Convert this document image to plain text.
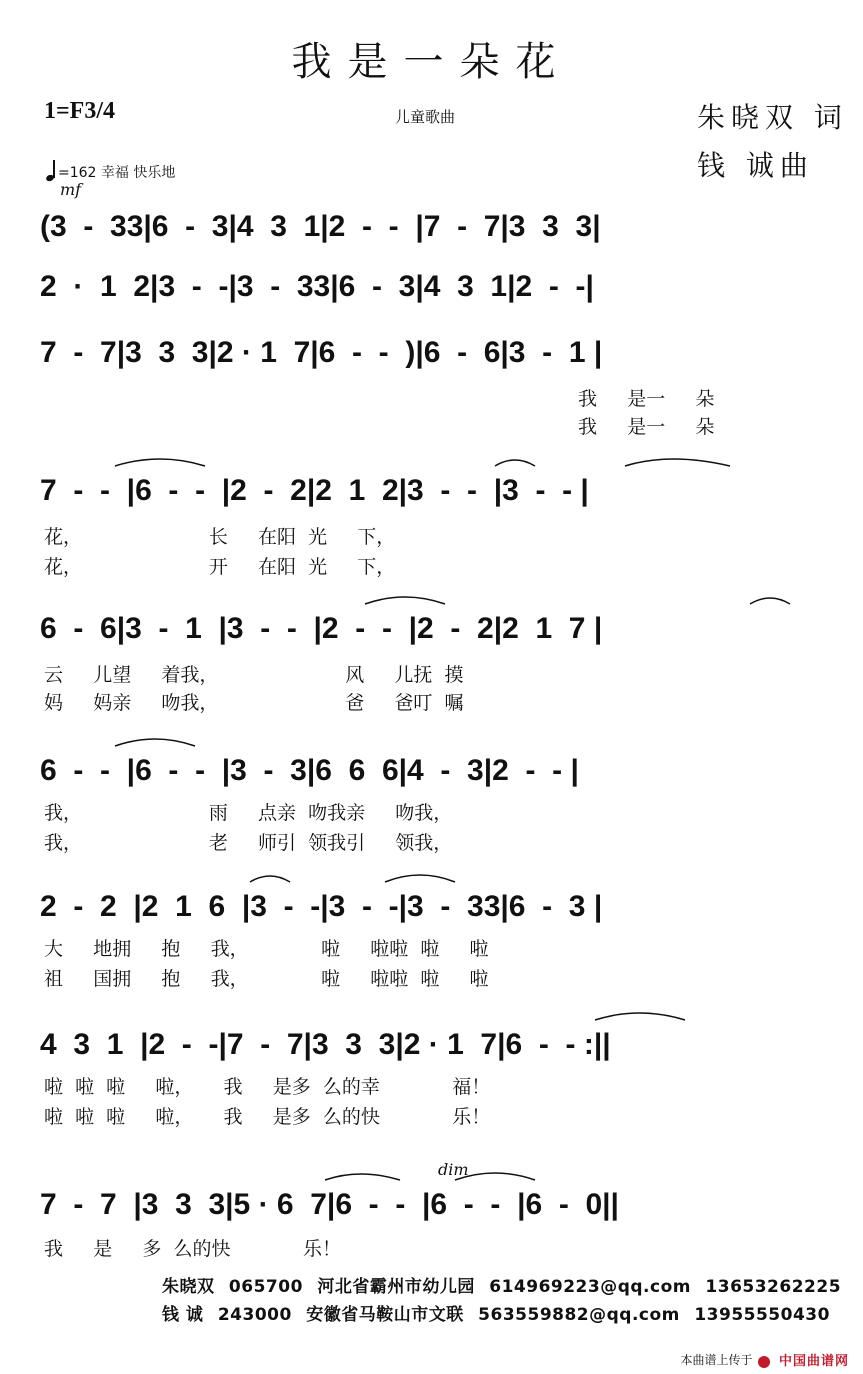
我是一朵花
1=F3/4	儿童歌曲	朱晓双 词
钱 诚曲
=162 幸福 快乐地
mf
(3  -  33|6  -  3|4  3  1|2  -  -  |7  -  7|3  3  3|
2  ·  1  2|3  -  -|3  -  33|6  -  3|4  3  1|2  -  -|
7  -  7|3  3  3|2 · 1  7|6  -  -  )|6  -  6|3  -  1 |
我     是一     朵
我     是一     朵
7  -  -  |6  -  -  |2  -  2|2  1  2|3  -  -  |3  -  - |
花，                     长     在阳  光     下，
花，                     开     在阳  光     下，
6  -  6|3  -  1  |3  -  -  |2  -  -  |2  -  2|2  1  7 |
云     儿望     着我，                     风     儿抚  摸
妈     妈亲     吻我，                     爸     爸叮  嘱
6  -  -  |6  -  -  |3  -  3|6  6  6|4  -  3|2  -  - |
我，                     雨     点亲  吻我亲     吻我，
我，                     老     师引  领我引     领我，
2  -  2  |2  1  6  |3  -  -|3  -  -|3  -  33|6  -  3 |
大     地拥     抱     我，            啦     啦啦  啦     啦
祖     国拥     抱     我，            啦     啦啦  啦     啦
4  3  1  |2  -  -|7  -  7|3  3  3|2 · 1  7|6  -  - :||
啦  啦  啦     啦，     我     是多  么的幸            福！
啦  啦  啦     啦，     我     是多  么的快            乐！
dim
7  -  7  |3  3  3|5 · 6  7|6  -  -  |6  -  -  |6  -  0||
我     是     多  么的快            乐！
朱晓双 065700 河北省霸州市幼儿园 614969223@qq.com 13653262225
钱 诚 243000 安徽省马鞍山市文联 563559882@qq.com 13955550430
本曲谱上传于	中国曲谱网
